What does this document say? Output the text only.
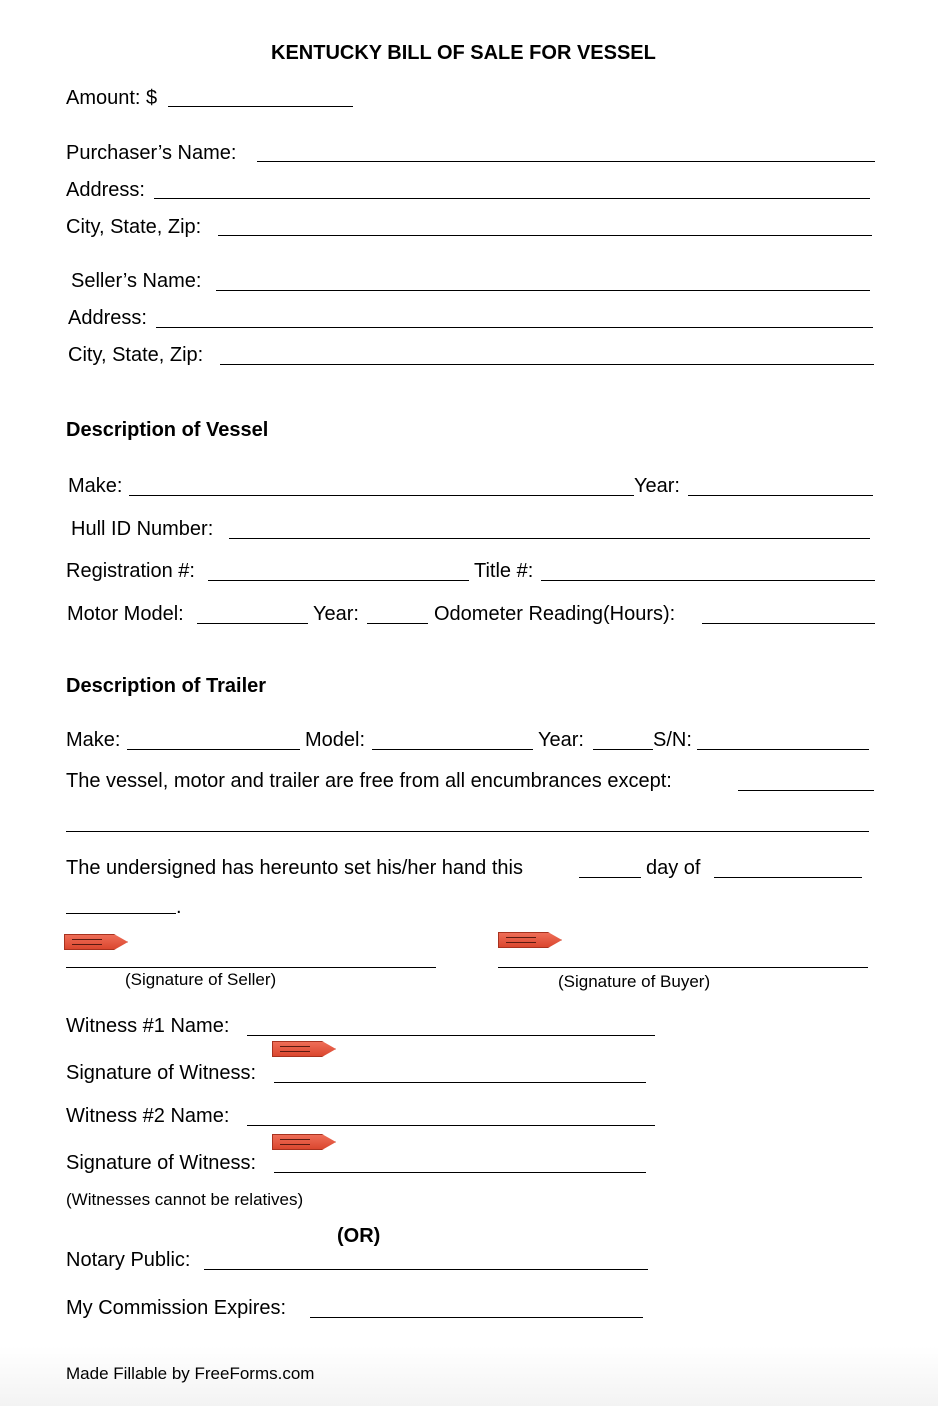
KENTUCKY BILL OF SALE FOR VESSEL
Amount: $
Purchaser’s Name:
Address:
City, State, Zip:
Seller’s Name:
Address:
City, State, Zip:
Description of Vessel
Make:	Year:
Hull ID Number:
Registration #:	Title #:
Motor Model:	Year:	Odometer Reading(Hours):
Description of Trailer
Make:	Model:	Year:	S/N:
The vessel, motor and trailer are free from all encumbrances except:
The undersigned has hereunto set his/her hand this	day of
.
(Signature of Seller)	(Signature of Buyer)
Witness #1 Name:
Signature of Witness:
Witness #2 Name:
Signature of Witness:
(Witnesses cannot be relatives)
(OR)
Notary Public:
My Commission Expires:
Made Fillable by FreeForms.com
